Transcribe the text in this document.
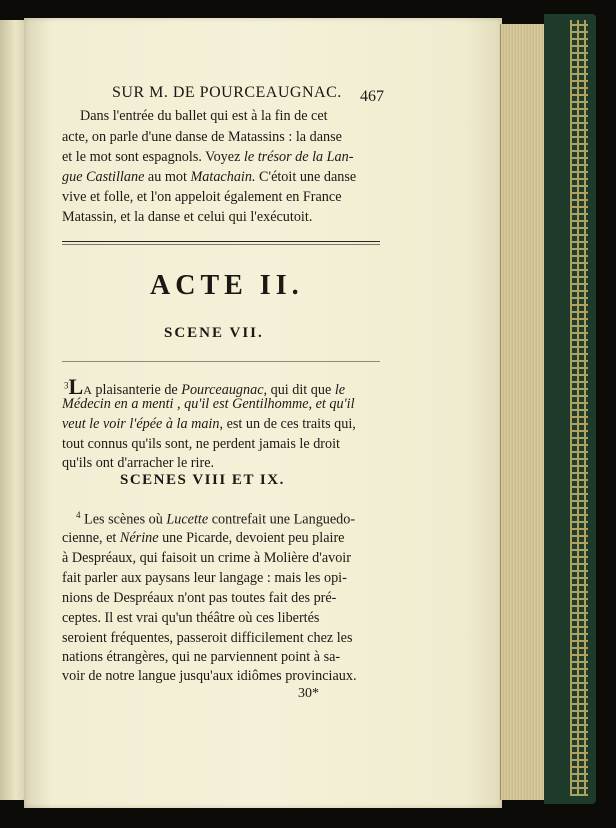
SUR M. DE POURCEAUGNAC. 467
Dans l'entrée du ballet qui est à la fin de cet
acte, on parle d'une danse de Matassins : la danse
et le mot sont espagnols. Voyez le trésor de la Lan-
gue Castillane au mot Matachain. C'étoit une danse
vive et folle, et l'on appeloit également en France
Matassin, et la danse et celui qui l'exécutoit.
ACTE II.
SCENE VII.
$^3$LA plaisanterie de Pourceaugnac, qui dit que le
Médecin en a menti , qu'il est Gentilhomme, et qu'il
veut le voir l'épée à la main, est un de ces traits qui,
tout connus qu'ils sont, ne perdent jamais le droit
qu'ils ont d'arracher le rire.
SCENES VIII ET IX.
$^4$ Les scènes où Lucette contrefait une Languedo-
cienne, et Nérine une Picarde, devoient peu plaire
à Despréaux, qui faisoit un crime à Molière d'avoir
fait parler aux paysans leur langage : mais les opi-
nions de Despréaux n'ont pas toutes fait des pré-
ceptes. Il est vrai qu'un théâtre où ces libertés
seroient fréquentes, passeroit difficilement chez les
nations étrangères, qui ne parviennent point à sa-
voir de notre langue jusqu'aux idiômes provinciaux.
30*
